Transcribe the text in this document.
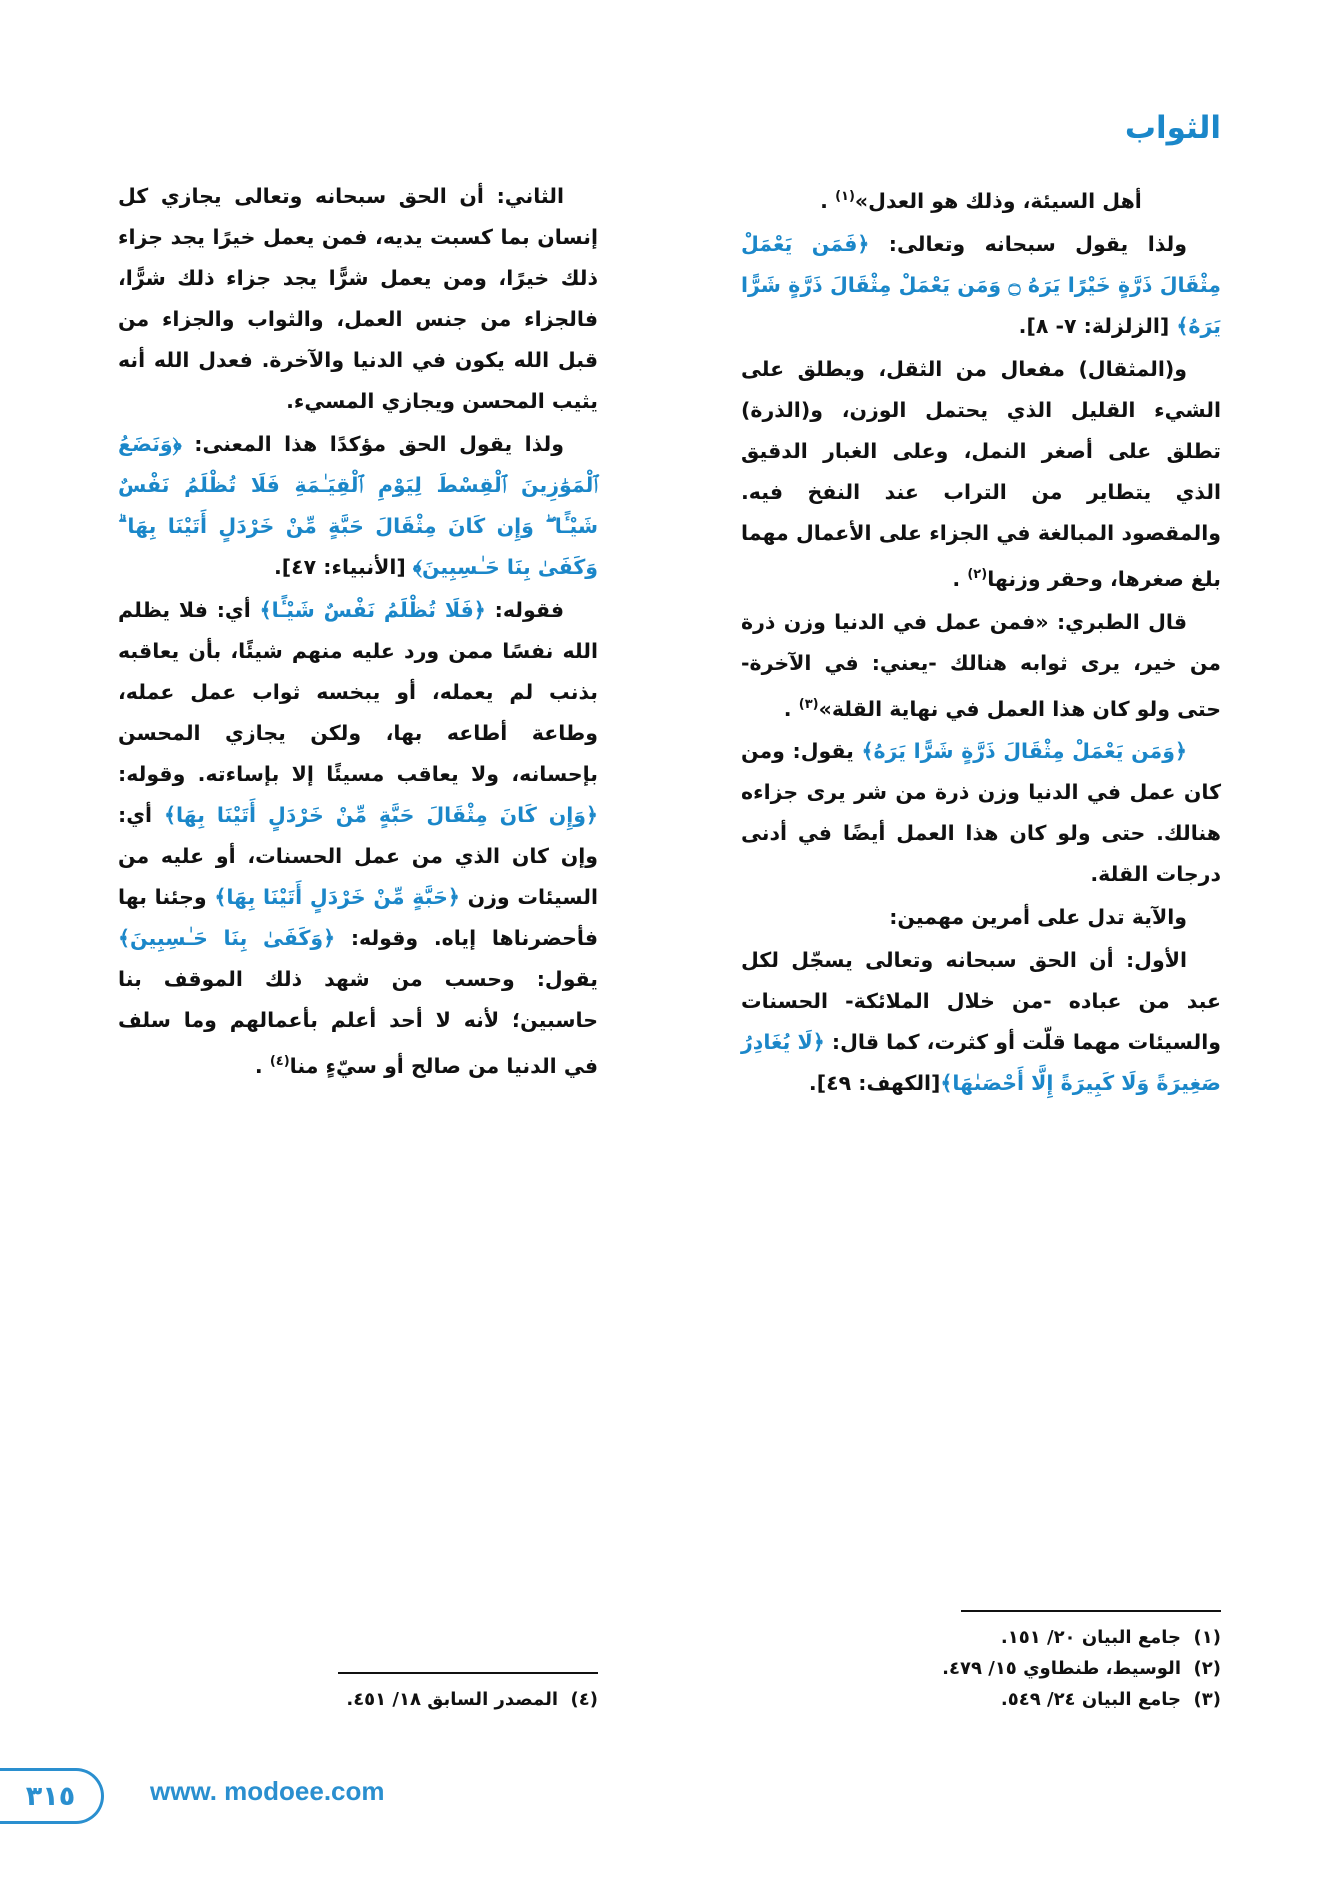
الثواب

أهل السيئة، وذلك هو العدل»$^{(١)}$ .

ولذا يقول سبحانه وتعالى: ﴿فَمَن يَعْمَلْ مِثْقَالَ ذَرَّةٍ خَيْرًا يَرَهُ ۝ وَمَن يَعْمَلْ مِثْقَالَ ذَرَّةٍ شَرًّا يَرَهُ﴾ [الزلزلة: ٧- ٨].

و(المثقال) مفعال من الثقل، ويطلق على الشيء القليل الذي يحتمل الوزن، و(الذرة) تطلق على أصغر النمل، وعلى الغبار الدقيق الذي يتطاير من التراب عند النفخ فيه. والمقصود المبالغة في الجزاء على الأعمال مهما بلغ صغرها، وحقر وزنها$^{(٢)}$ .

قال الطبري: «فمن عمل في الدنيا وزن ذرة من خير، يرى ثوابه هنالك -يعني: في الآخرة- حتى ولو كان هذا العمل في نهاية القلة»$^{(٣)}$ .

﴿وَمَن يَعْمَلْ مِثْقَالَ ذَرَّةٍ شَرًّا يَرَهُ﴾ يقول: ومن كان عمل في الدنيا وزن ذرة من شر يرى جزاءه هنالك. حتى ولو كان هذا العمل أيضًا في أدنى درجات القلة.

والآية تدل على أمرين مهمين:

الأول: أن الحق سبحانه وتعالى يسجّل لكل عبد من عباده -من خلال الملائكة- الحسنات والسيئات مهما قلّت أو كثرت، كما قال: ﴿لَا يُغَادِرُ صَغِيرَةً وَلَا كَبِيرَةً إِلَّا أَحْصَىٰهَا﴾[الكهف: ٤٩].

(١)جامع البيان ٢٠/ ١٥١.

(٢)الوسيط، طنطاوي ١٥/ ٤٧٩.

(٣)جامع البيان ٢٤/ ٥٤٩.

الثاني: أن الحق سبحانه وتعالى يجازي كل إنسان بما كسبت يديه، فمن يعمل خيرًا يجد جزاء ذلك خيرًا، ومن يعمل شرًّا يجد جزاء ذلك شرًّا، فالجزاء من جنس العمل، والثواب والجزاء من قبل الله يكون في الدنيا والآخرة. فعدل الله أنه يثيب المحسن ويجازي المسيء.

ولذا يقول الحق مؤكدًا هذا المعنى: ﴿وَنَضَعُ ٱلْمَوَٰزِينَ ٱلْقِسْطَ لِيَوْمِ ٱلْقِيَـٰمَةِ فَلَا تُظْلَمُ نَفْسٌ شَيْـًٔا ۖ وَإِن كَانَ مِثْقَالَ حَبَّةٍ مِّنْ خَرْدَلٍ أَتَيْنَا بِهَا ۗ وَكَفَىٰ بِنَا حَـٰسِبِينَ﴾ [الأنبياء: ٤٧].

فقوله: ﴿فَلَا تُظْلَمُ نَفْسٌ شَيْـًٔا﴾ أي: فلا يظلم الله نفسًا ممن ورد عليه منهم شيئًا، بأن يعاقبه بذنب لم يعمله، أو يبخسه ثواب عمل عمله، وطاعة أطاعه بها، ولكن يجازي المحسن بإحسانه، ولا يعاقب مسيئًا إلا بإساءته. وقوله: ﴿وَإِن كَانَ مِثْقَالَ حَبَّةٍ مِّنْ خَرْدَلٍ أَتَيْنَا بِهَا﴾ أي: وإن كان الذي من عمل الحسنات، أو عليه من السيئات وزن ﴿حَبَّةٍ مِّنْ خَرْدَلٍ أَتَيْنَا بِهَا﴾ وجئنا بها فأحضرناها إياه. وقوله: ﴿وَكَفَىٰ بِنَا حَـٰسِبِينَ﴾ يقول: وحسب من شهد ذلك الموقف بنا حاسبين؛ لأنه لا أحد أعلم بأعمالهم وما سلف في الدنيا من صالح أو سيّءٍ منا$^{(٤)}$ .

(٤)المصدر السابق ١٨/ ٤٥١.

٣١٥	www. modoee.com
